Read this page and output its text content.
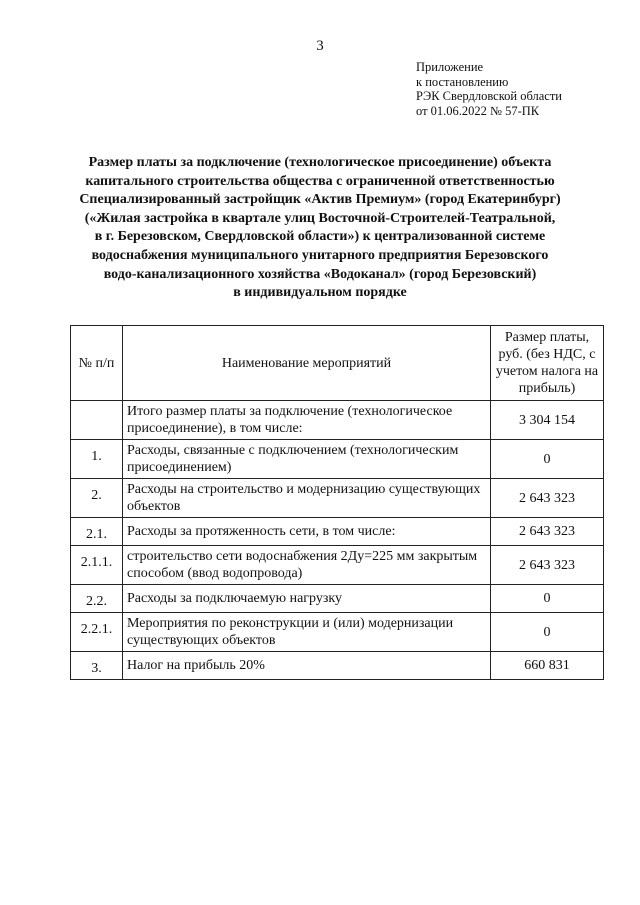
3
Приложение
к постановлению
РЭК Свердловской области
от 01.06.2022 № 57-ПК
Размер платы за подключение (технологическое присоединение) объекта
капитального строительства общества с ограниченной ответственностью
Специализированный застройщик «Актив Премиум» (город Екатеринбург)
(«Жилая застройка в квартале улиц Восточной-Строителей-Театральной,
в г. Березовском, Свердловской области») к централизованной системе
водоснабжения муниципального унитарного предприятия Березовского
водо-канализационного хозяйства «Водоканал» (город Березовский)
в индивидуальном порядке
№ п/п	Наименование мероприятий	Размер платы, руб. (без НДС, с учетом налога на прибыль)
	Итого размер платы за подключение (технологическое присоединение), в том числе:	3 304 154
1.	Расходы, связанные с подключением (технологическим присоединением)	0
2.	Расходы на строительство и модернизацию существующих объектов	2 643 323
2.1.	Расходы за протяженность сети, в том числе:	2 643 323
2.1.1.	строительство сети водоснабжения 2Ду=225 мм закрытым способом (ввод водопровода)	2 643 323
2.2.	Расходы за подключаемую нагрузку	0
2.2.1.	Мероприятия по реконструкции и (или) модернизации существующих объектов	0
3.	Налог на прибыль 20%	660 831
